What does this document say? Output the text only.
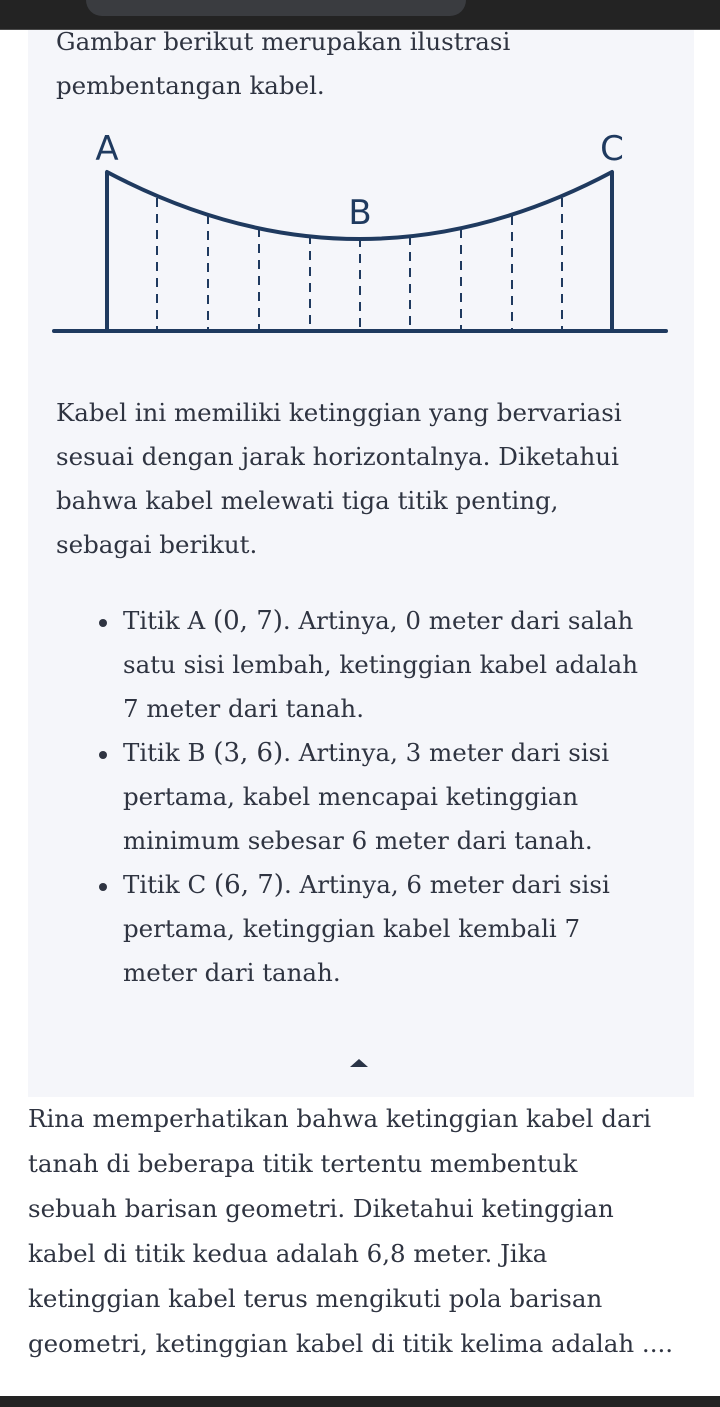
Gambar berikut merupakan ilustrasi
pembentangan kabel.

A
B
C

Kabel ini memiliki ketinggian yang bervariasi
sesuai dengan jarak horizontalnya. Diketahui
bahwa kabel melewati tiga titik penting,
sebagai berikut.

Titik A (0, 7). Artinya, 0 meter dari salah
satu sisi lembah, ketinggian kabel adalah
7 meter dari tanah.
Titik B (3, 6). Artinya, 3 meter dari sisi
pertama, kabel mencapai ketinggian
minimum sebesar 6 meter dari tanah.
Titik C (6, 7). Artinya, 6 meter dari sisi
pertama, ketinggian kabel kembali 7
meter dari tanah.

Rina memperhatikan bahwa ketinggian kabel dari
tanah di beberapa titik tertentu membentuk
sebuah barisan geometri. Diketahui ketinggian
kabel di titik kedua adalah 6,8 meter. Jika
ketinggian kabel terus mengikuti pola barisan
geometri, ketinggian kabel di titik kelima adalah ....
